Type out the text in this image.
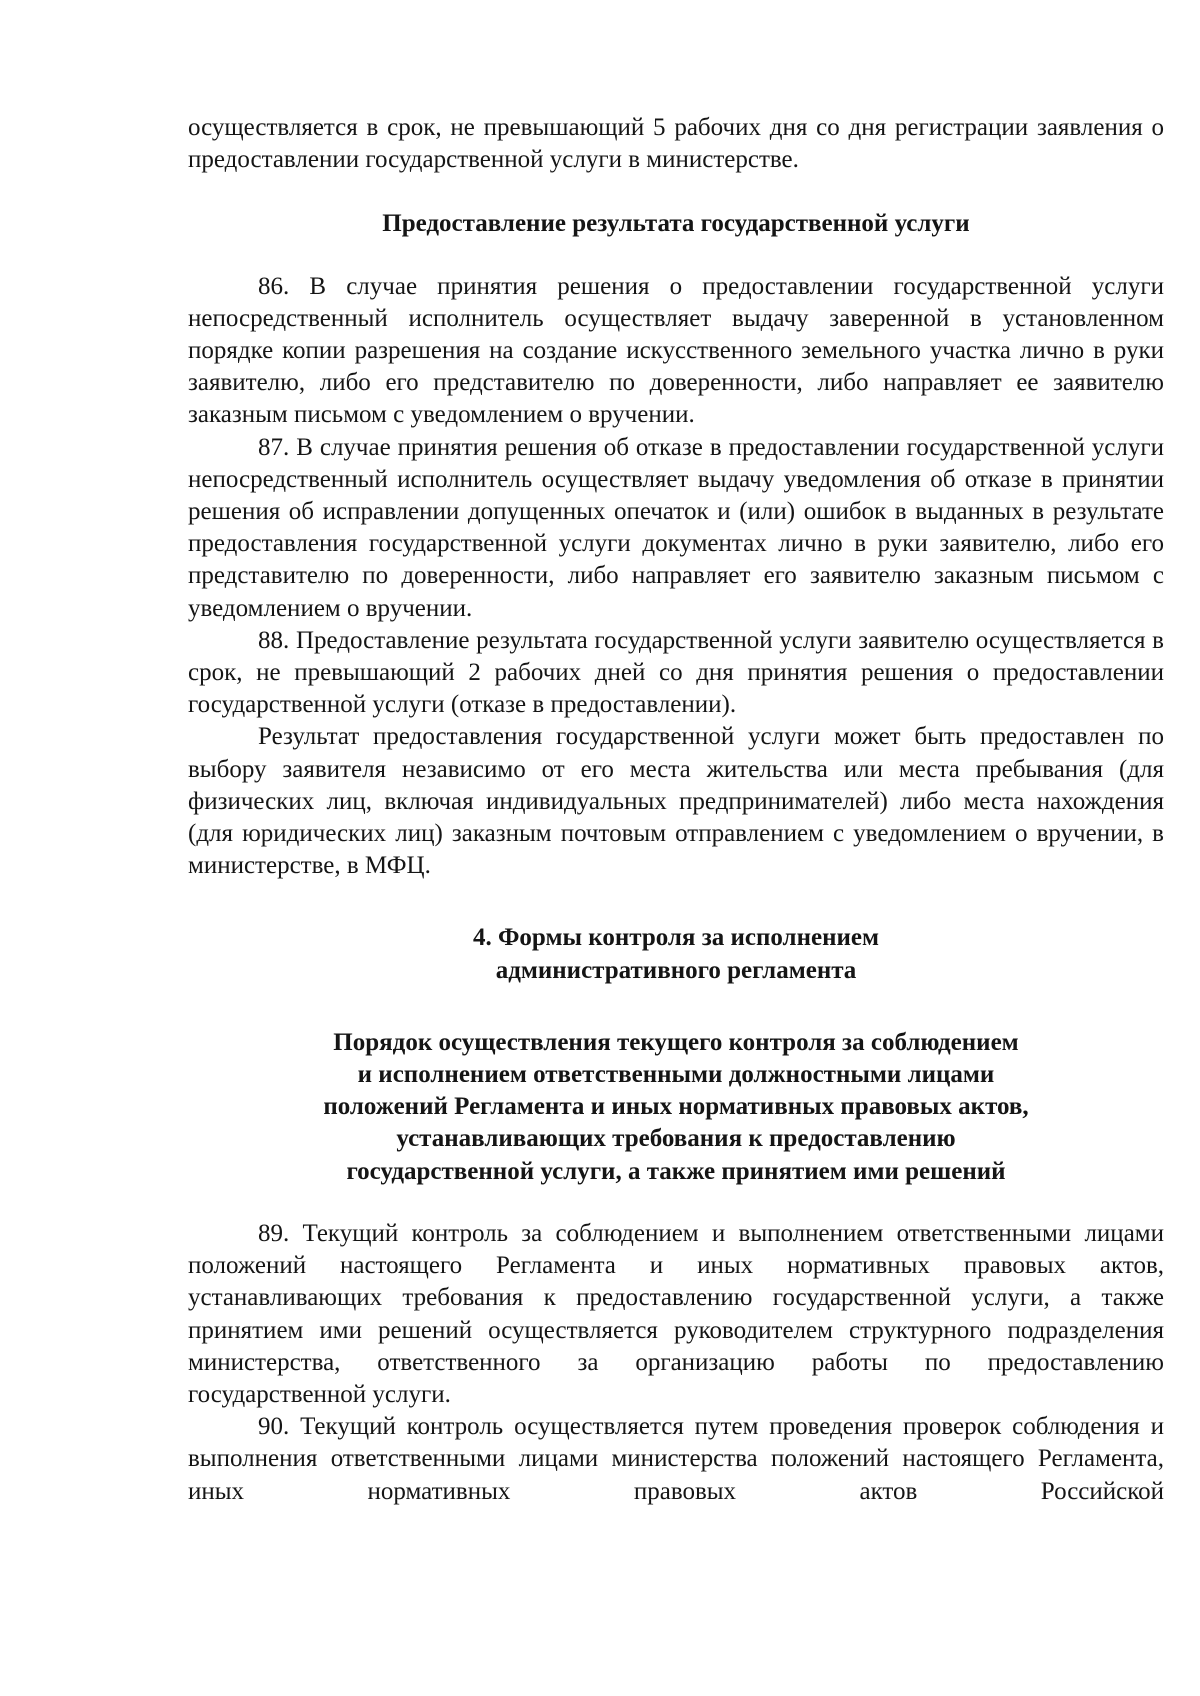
осуществляется в срок, не превышающий 5 рабочих дня со дня регистрации заявления о предоставлении государственной услуги в министерстве.

Предоставление результата государственной услуги

86. В случае принятия решения о предоставлении государственной услуги непосредственный исполнитель осуществляет выдачу заверенной в установленном порядке копии разрешения на создание искусственного земельного участка лично в руки заявителю, либо его представителю по доверенности, либо направляет ее заявителю заказным письмом с уведомлением о вручении.

87. В случае принятия решения об отказе в предоставлении государственной услуги непосредственный исполнитель осуществляет выдачу уведомления об отказе в принятии решения об исправлении допущенных опечаток и (или) ошибок в выданных в результате предоставления государственной услуги документах лично в руки заявителю, либо его представителю по доверенности, либо направляет его заявителю заказным письмом с уведомлением о вручении.

88. Предоставление результата государственной услуги заявителю осуществляется в срок, не превышающий 2 рабочих дней со дня принятия решения о предоставлении государственной услуги (отказе в предоставлении).

Результат предоставления государственной услуги может быть предоставлен по выбору заявителя независимо от его места жительства или места пребывания (для физических лиц, включая индивидуальных предпринимателей) либо места нахождения (для юридических лиц) заказным почтовым отправлением с уведомлением о вручении, в министерстве, в МФЦ.

4. Формы контроля за исполнением
административного регламента
Порядок осуществления текущего контроля за соблюдением
и исполнением ответственными должностными лицами
положений Регламента и иных нормативных правовых актов,
устанавливающих требования к предоставлению
государственной услуги, а также принятием ими решений

89. Текущий контроль за соблюдением и выполнением ответственными лицами положений настоящего Регламента и иных нормативных правовых актов, устанавливающих требования к предоставлению государственной услуги, а также принятием ими решений осуществляется руководителем структурного подразделения министерства, ответственного за организацию работы по предоставлению государственной услуги.

90. Текущий контроль осуществляется путем проведения проверок соблюдения и выполнения ответственными лицами министерства положений настоящего Регламента, иных нормативных правовых актов Российской
